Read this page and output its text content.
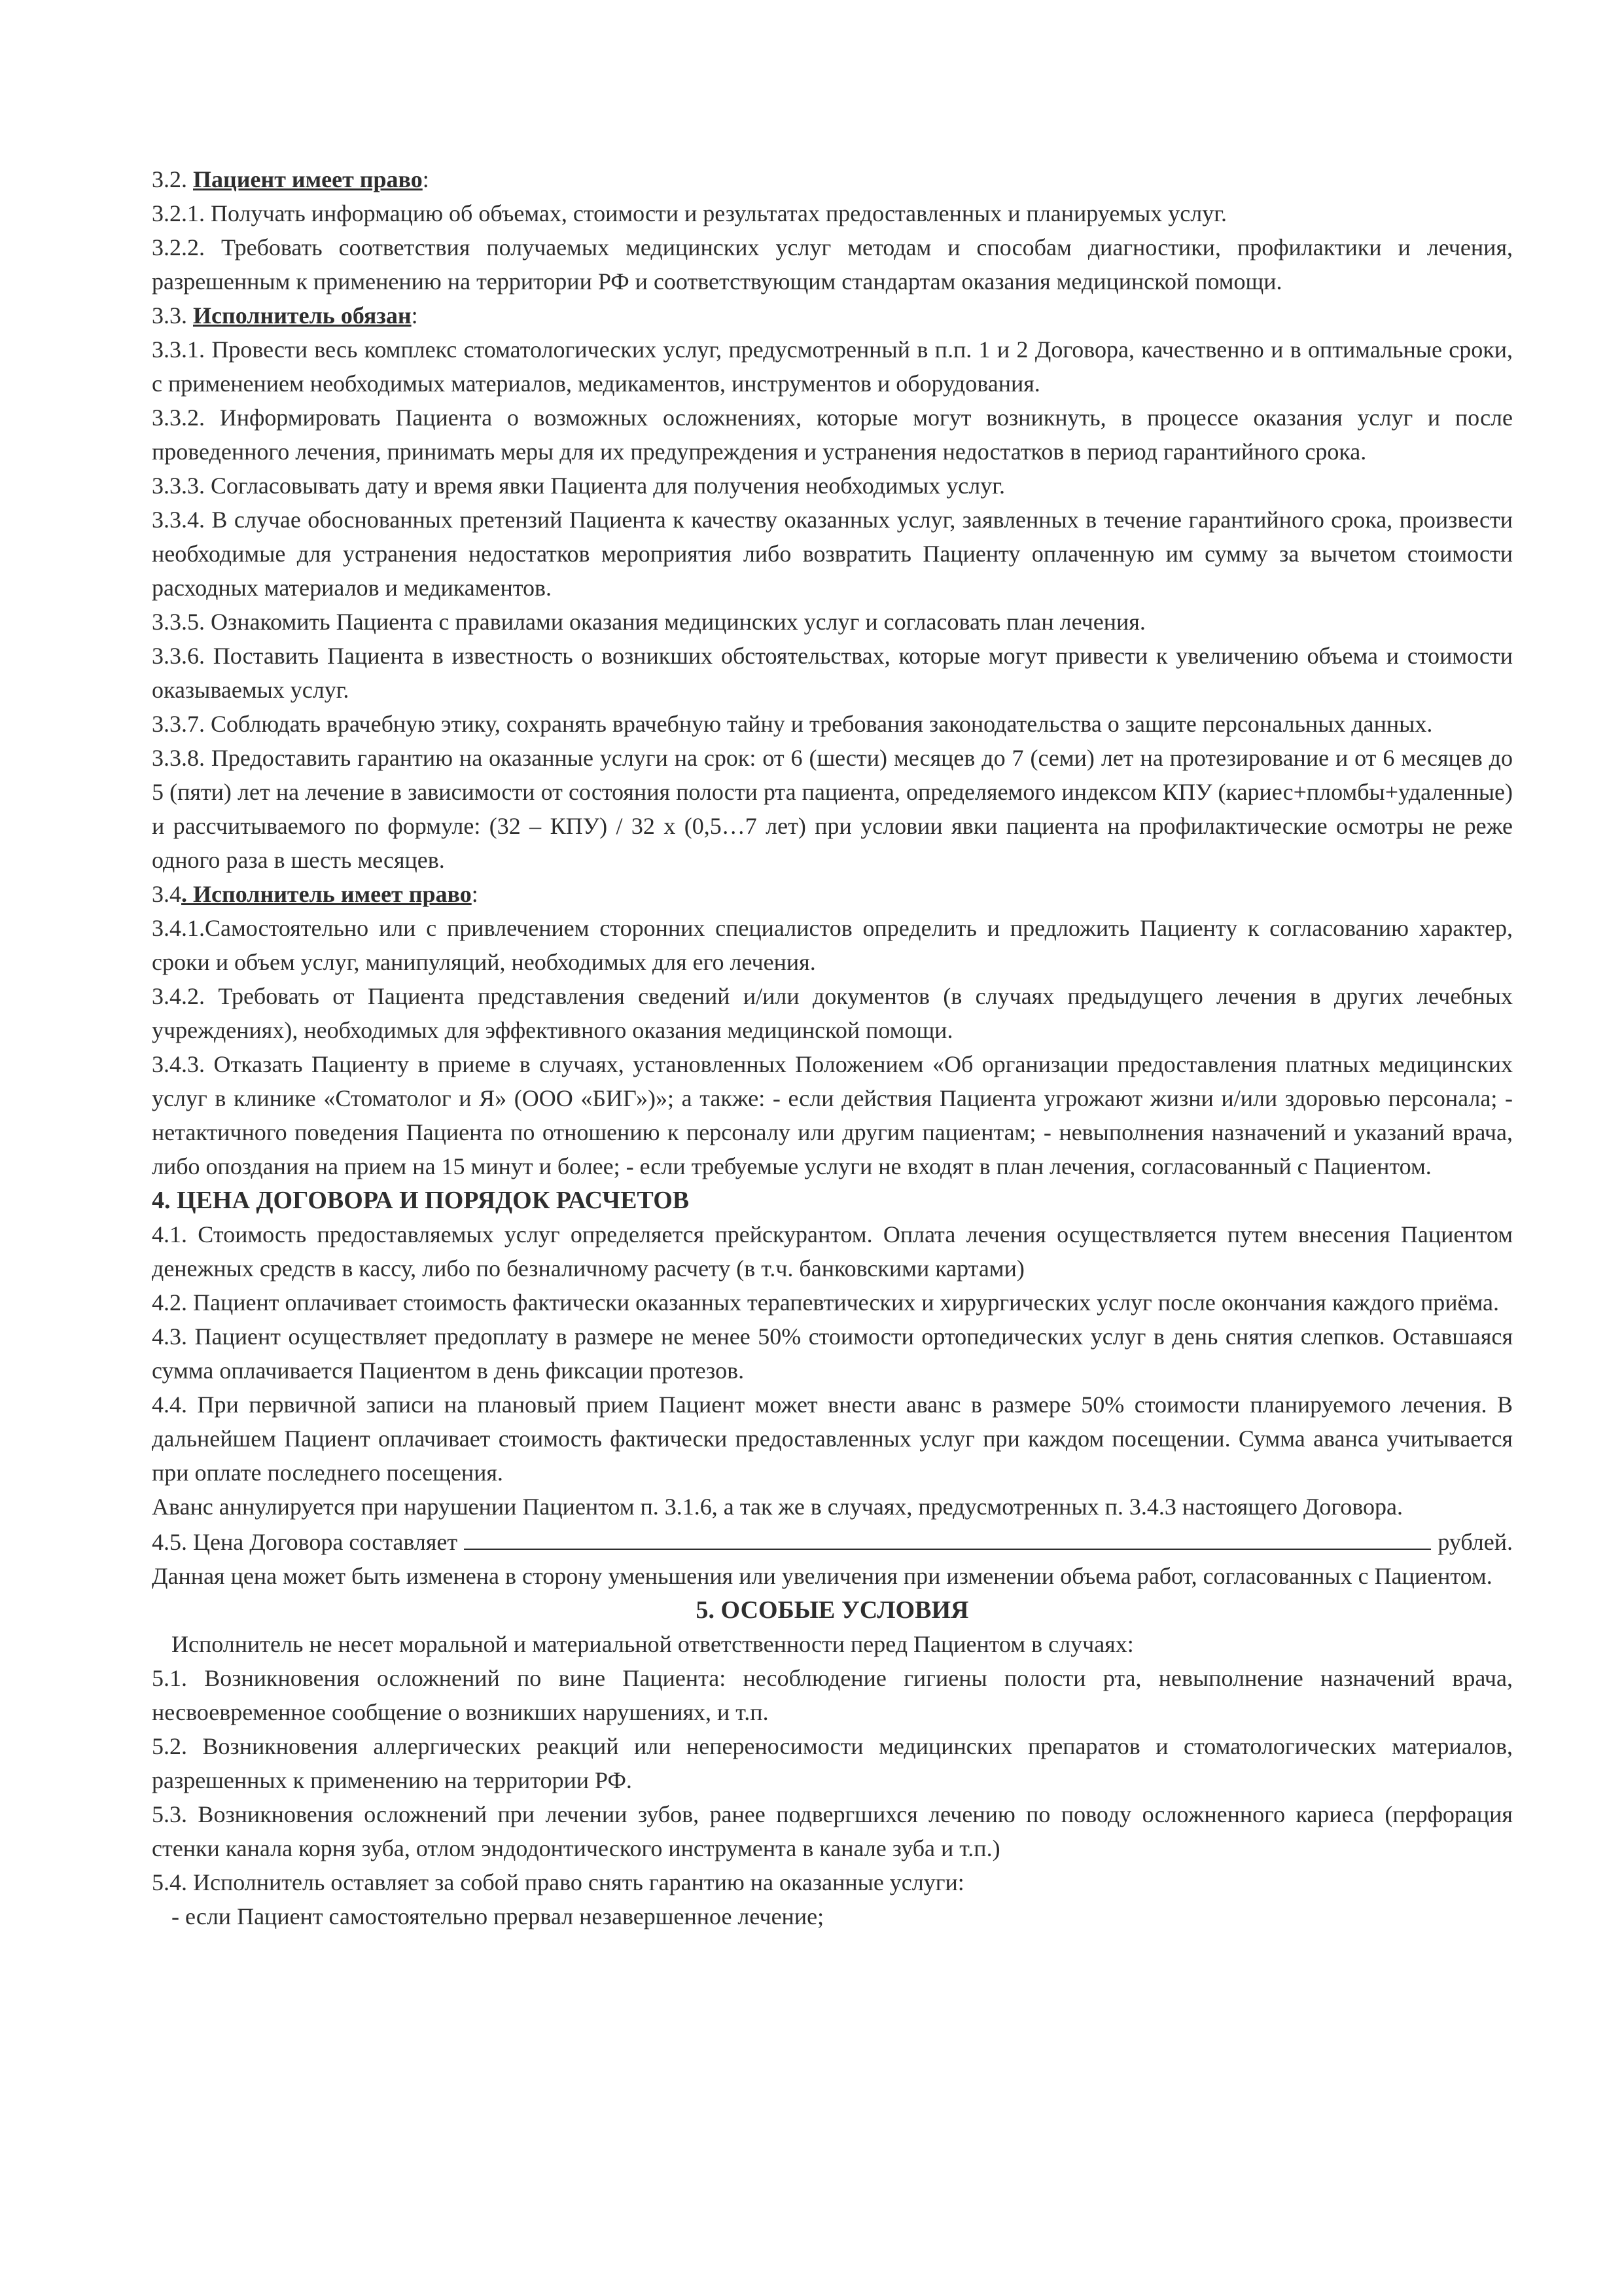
3.2. Пациент имеет право:

3.2.1. Получать информацию об объемах, стоимости и результатах предоставленных и планируемых услуг.

3.2.2. Требовать соответствия получаемых медицинских услуг методам и способам диагностики, профилактики и лечения, разрешенным к применению на территории РФ и соответствующим стандартам оказания медицинской помощи.

3.3. Исполнитель обязан:

3.3.1. Провести весь комплекс стоматологических услуг, предусмотренный в п.п. 1 и 2 Договора, качественно и в оптимальные сроки, с применением необходимых материалов, медикаментов, инструментов и оборудования.

3.3.2. Информировать Пациента о возможных осложнениях, которые могут возникнуть, в процессе оказания услуг и после проведенного лечения, принимать меры для их предупреждения и устранения недостатков в период гарантийного срока.

3.3.3. Согласовывать дату и время явки Пациента для получения необходимых услуг.

3.3.4. В случае обоснованных претензий Пациента к качеству оказанных услуг, заявленных в течение гарантийного срока, произвести необходимые для устранения недостатков мероприятия либо возвратить Пациенту оплаченную им сумму за вычетом стоимости расходных материалов и медикаментов.

3.3.5. Ознакомить Пациента с правилами оказания медицинских услуг и согласовать план лечения.

3.3.6. Поставить Пациента в известность о возникших обстоятельствах, которые могут привести к увеличению объема и стоимости оказываемых услуг.

3.3.7. Соблюдать врачебную этику, сохранять врачебную тайну и требования законодательства о защите персональных данных.

3.3.8. Предоставить гарантию на оказанные услуги на срок: от 6 (шести) месяцев до 7 (семи) лет на протезирование и от 6 месяцев до 5 (пяти) лет на лечение в зависимости от состояния полости рта пациента, определяемого индексом КПУ (кариес+пломбы+удаленные) и рассчитываемого по формуле: (32 – КПУ) / 32 х (0,5…7 лет) при условии явки пациента на профилактические осмотры не реже одного раза в шесть месяцев.

3.4. Исполнитель имеет право:

3.4.1.Самостоятельно или с привлечением сторонних специалистов определить и предложить Пациенту к согласованию характер, сроки и объем услуг, манипуляций, необходимых для его лечения.

3.4.2. Требовать от Пациента представления сведений и/или документов (в случаях предыдущего лечения в других лечебных учреждениях), необходимых для эффективного оказания медицинской помощи.

3.4.3. Отказать Пациенту в приеме в случаях, установленных Положением «Об организации предоставления платных медицинских услуг в клинике «Стоматолог и Я» (ООО «БИГ»)»; а также: - если действия Пациента угрожают жизни и/или здоровью персонала; - нетактичного поведения Пациента по отношению к персоналу или другим пациентам; - невыполнения назначений и указаний врача, либо опоздания на прием на 15 минут и более; - если требуемые услуги не входят в план лечения, согласованный с Пациентом.

4. ЦЕНА ДОГОВОРА И ПОРЯДОК РАСЧЕТОВ

4.1. Стоимость предоставляемых услуг определяется прейскурантом. Оплата лечения осуществляется путем внесения Пациентом денежных средств в кассу, либо по безналичному расчету (в т.ч. банковскими картами)

4.2. Пациент оплачивает стоимость фактически оказанных терапевтических и хирургических услуг после окончания каждого приёма.

4.3. Пациент осуществляет предоплату в размере не менее 50% стоимости ортопедических услуг в день снятия слепков. Оставшаяся сумма оплачивается Пациентом в день фиксации протезов.

4.4. При первичной записи на плановый прием Пациент может внести аванс в размере 50% стоимости планируемого лечения. В дальнейшем Пациент оплачивает стоимость фактически предоставленных услуг при каждом посещении. Сумма аванса учитывается при оплате последнего посещения.

Аванс аннулируется при нарушении Пациентом п. 3.1.6, а так же в случаях, предусмотренных п. 3.4.3 настоящего Договора.

4.5. Цена Договора составляет	рублей.

Данная цена может быть изменена в сторону уменьшения или увеличения при изменении объема работ, согласованных с Пациентом.

5. ОСОБЫЕ УСЛОВИЯ

Исполнитель не несет моральной и материальной ответственности перед Пациентом в случаях:

5.1. Возникновения осложнений по вине Пациента: несоблюдение гигиены полости рта, невыполнение назначений врача, несвоевременное сообщение о возникших нарушениях, и т.п.

5.2. Возникновения аллергических реакций или непереносимости медицинских препаратов и стоматологических материалов, разрешенных к применению на территории РФ.

5.3. Возникновения осложнений при лечении зубов, ранее подвергшихся лечению по поводу осложненного кариеса (перфорация стенки канала корня зуба, отлом эндодонтического инструмента в канале зуба и т.п.)

5.4. Исполнитель оставляет за собой право снять гарантию на оказанные услуги:

- если Пациент самостоятельно прервал незавершенное лечение;
